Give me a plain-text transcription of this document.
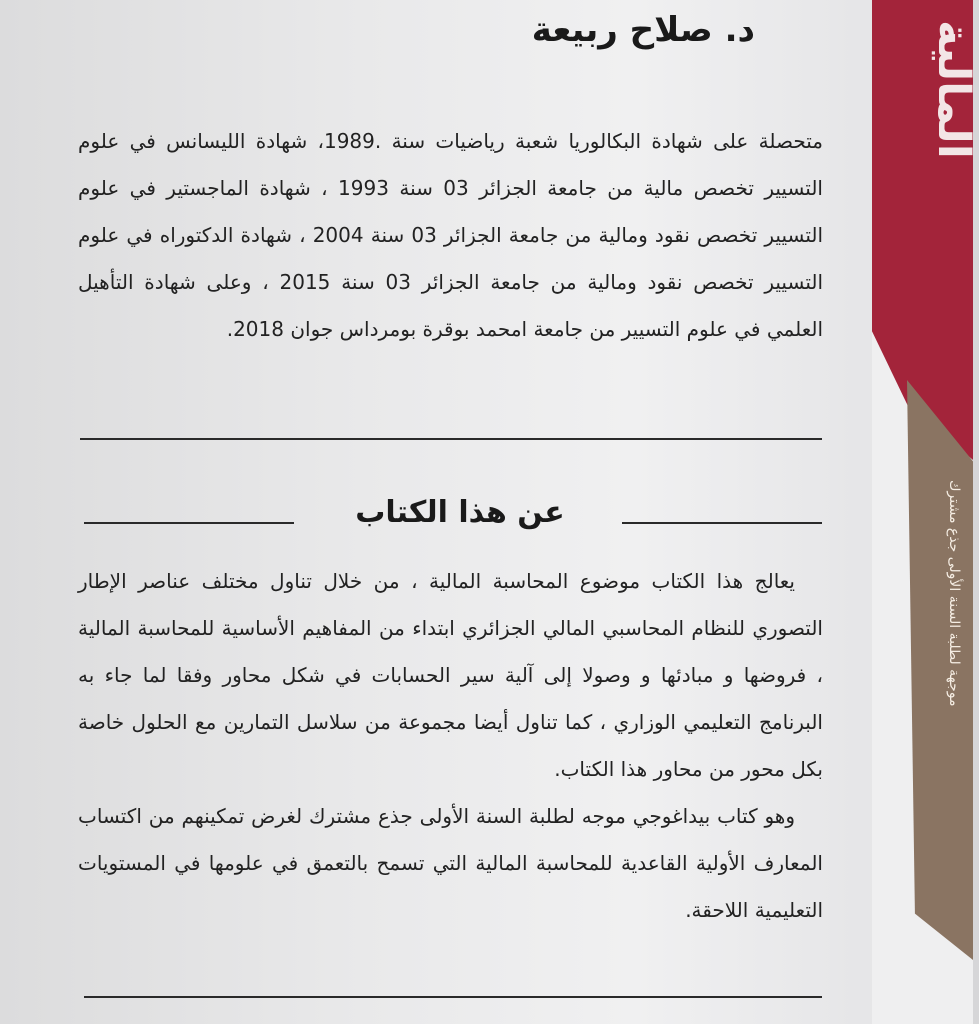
د. صلاح ربيعة
متحصلة على شهادة البكالوريا شعبة رياضيات سنة .1989، شهادة الليسانس في علوم التسيير تخصص مالية من جامعة الجزائر 03 سنة 1993 ، شهادة الماجستير في علوم التسيير تخصص نقود ومالية من جامعة الجزائر 03 سنة 2004 ، شهادة الدكتوراه في علوم التسيير تخصص نقود ومالية من جامعة الجزائر 03 سنة 2015 ، وعلى شهادة التأهيل العلمي في علوم التسيير من جامعة امحمد بوقرة بومرداس جوان 2018.
عن هذا الكتاب

يعالج هذا الكتاب موضوع المحاسبة المالية ، من خلال تناول مختلف عناصر الإطار التصوري للنظام المحاسبي المالي الجزائري ابتداء من المفاهيم الأساسية للمحاسبة المالية ، فروضها و مبادئها و وصولا إلى آلية سير الحسابات في شكل محاور وفقا لما جاء به البرنامج التعليمي الوزاري ، كما تناول أيضا مجموعة من سلاسل التمارين مع الحلول خاصة بكل محور من محاور هذا الكتاب.

وهو كتاب بيداغوجي موجه لطلبة السنة الأولى جذع مشترك لغرض تمكينهم من اكتساب المعارف الأولية القاعدية للمحاسبة المالية التي تسمح بالتعمق في علومها في المستويات التعليمية اللاحقة.

المالية
موجهة لطلبة السنة الأولى جذع مشترك
